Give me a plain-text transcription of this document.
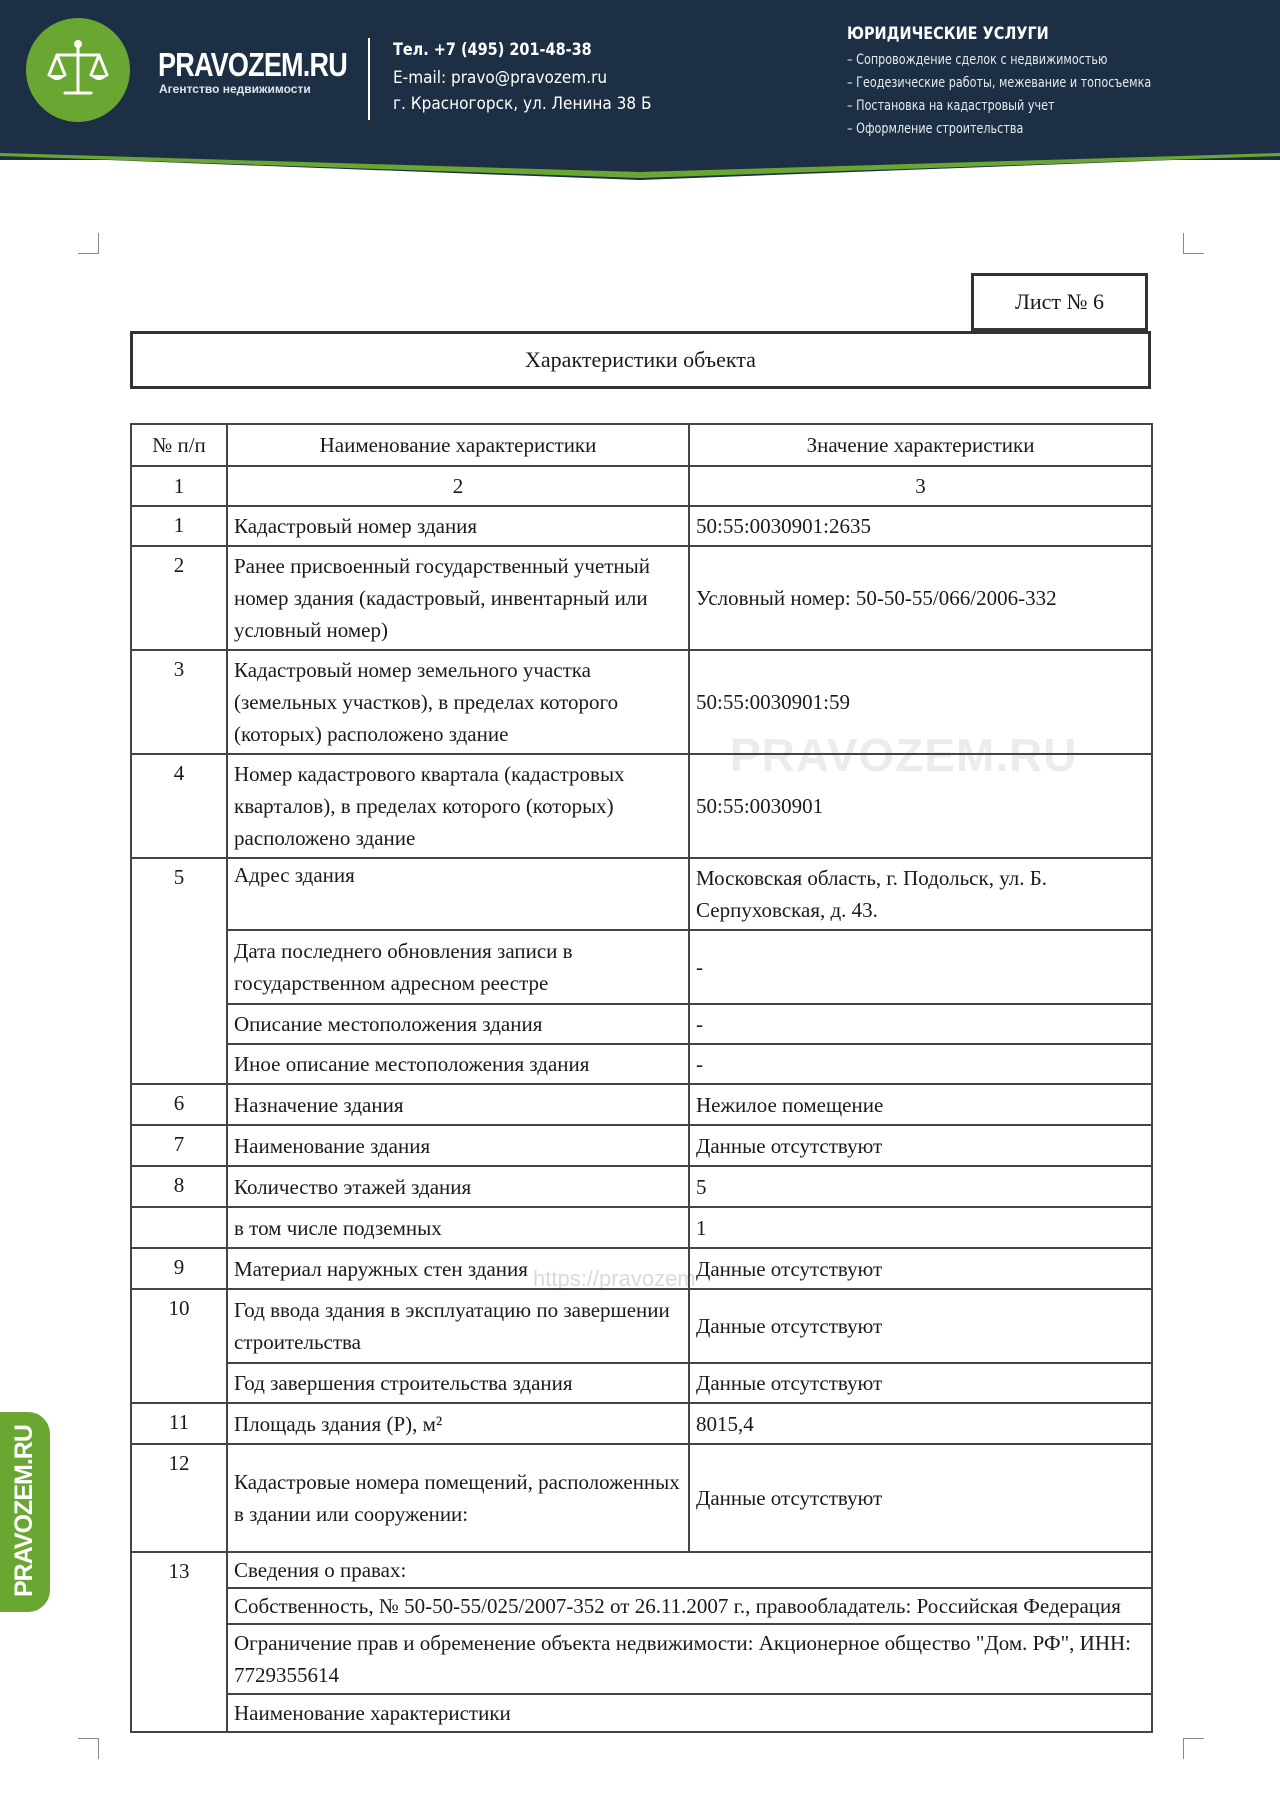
PRAVOZEM.RU
Агентство недвижимости
Тел. +7 (495) 201-48-38
E-mail: pravo@pravozem.ru
г. Красногорск, ул. Ленина 38 Б
ЮРИДИЧЕСКИЕ УСЛУГИ
– Сопровождение сделок с недвижимостью
– Геодезические работы, межевание и топосъемка
– Постановка на кадастровый учет
– Оформление строительства
PRAVOZEM.RU
PRAVOZEM.RU
https://pravozem
Лист № 6
Характеристики объекта
№ п/п	Наименование характеристики	Значение характеристики
1	2	3
1	Кадастровый номер здания	50:55:0030901:2635
2	Ранее присвоенный государственный учетный номер здания (кадастровый, инвентарный или условный номер)	Условный номер: 50-50-55/066/2006-332
3	Кадастровый номер земельного участка (земельных участков), в пределах которого (которых) расположено здание	50:55:0030901:59
4	Номер кадастрового квартала (кадастровых кварталов), в пределах которого (которых) расположено здание	50:55:0030901
5	Адрес здания	Московская область, г. Подольск, ул. Б. Серпуховская, д. 43.
	Дата последнего обновления записи в государственном адресном реестре	-
	Описание местоположения здания	-
	Иное описание местоположения здания	-
6	Назначение здания	Нежилое помещение
7	Наименование здания	Данные отсутствуют
8	Количество этажей здания	5
	в том числе подземных	1
9	Материал наружных стен здания	Данные отсутствуют
10	Год ввода здания в эксплуатацию по завершении строительства	Данные отсутствуют
	Год завершения строительства здания	Данные отсутствуют
11	Площадь здания (Р), м²	8015,4
12	Кадастровые номера помещений, расположенных в здании или сооружении:	Данные отсутствуют
13	Сведения о правах:	
	Собственность, № 50-50-55/025/2007-352 от 26.11.2007 г., правообладатель: Российская Федерация	
	Ограничение прав и обременение объекта недвижимости: Акционерное общество "Дом. РФ", ИНН: 7729355614	
	Наименование характеристики	
